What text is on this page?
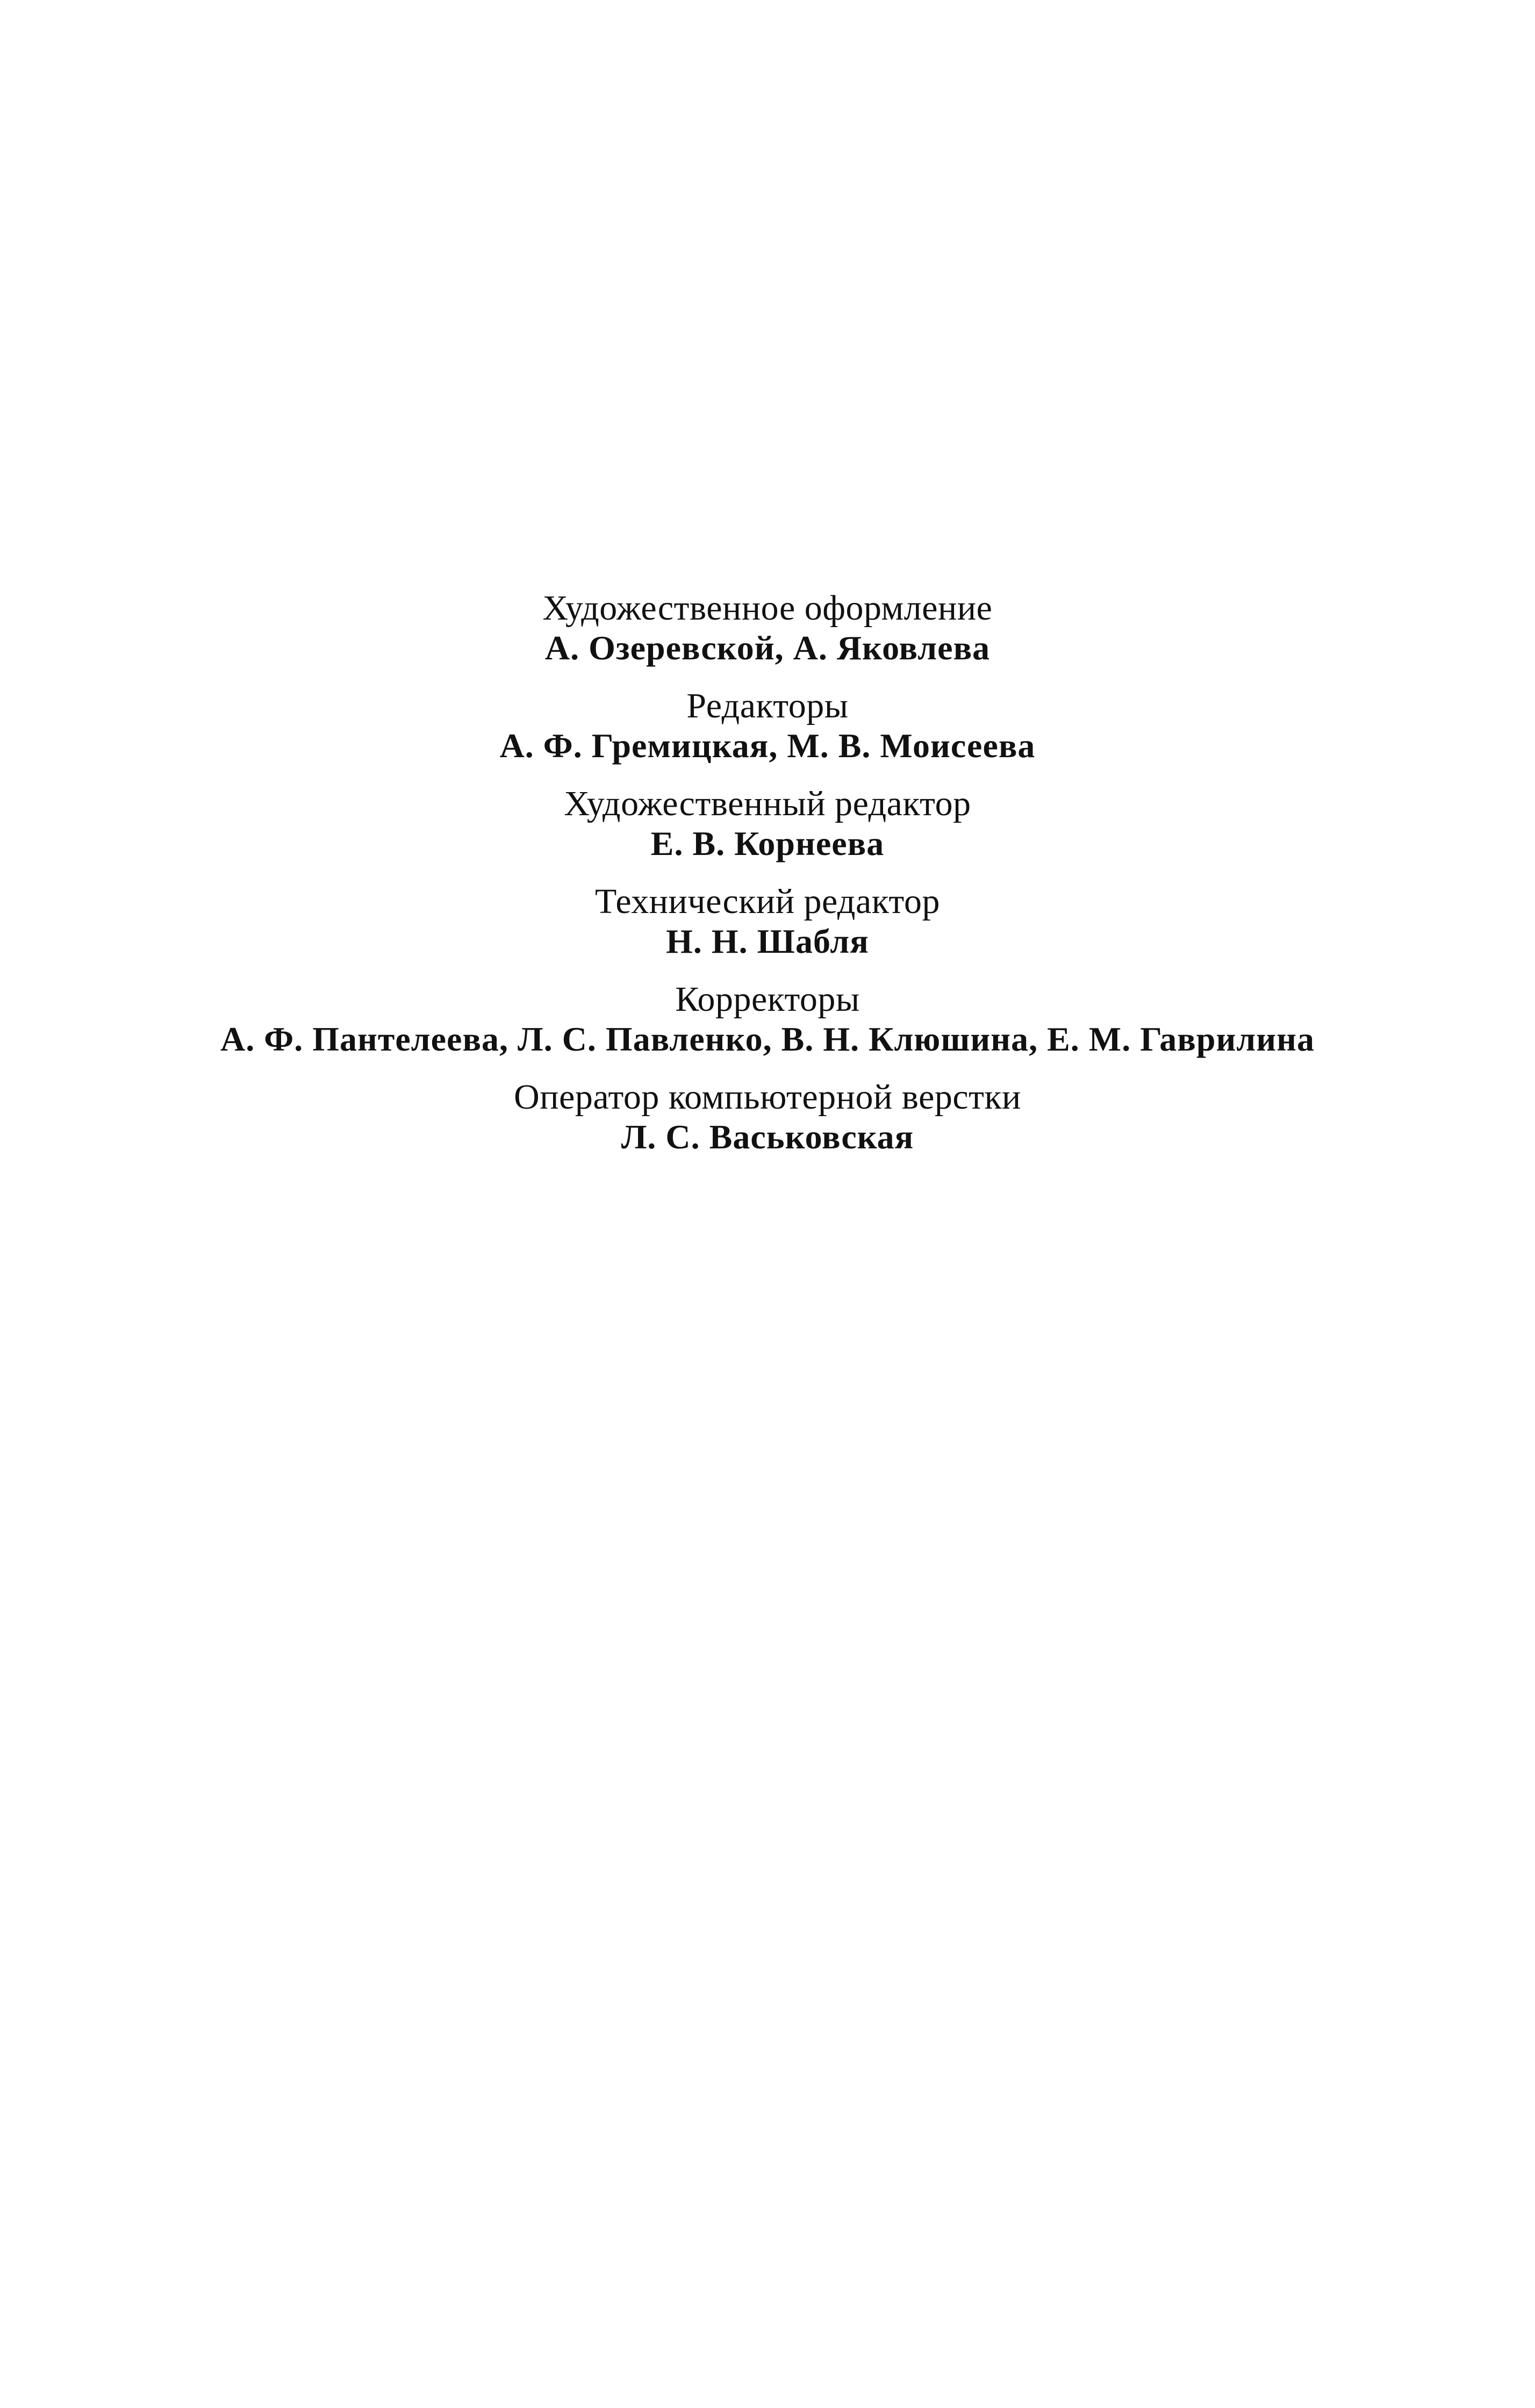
Художественное оформление
А. Озеревской, А. Яковлева
Редакторы
А. Ф. Гремицкая, М. В. Моисеева
Художественный редактор
Е. В. Корнеева
Технический редактор
Н. Н. Шабля
Корректоры
А. Ф. Пантелеева, Л. С. Павленко, В. Н. Клюшина, Е. М. Гаврилина
Оператор компьютерной верстки
Л. С. Васьковская
